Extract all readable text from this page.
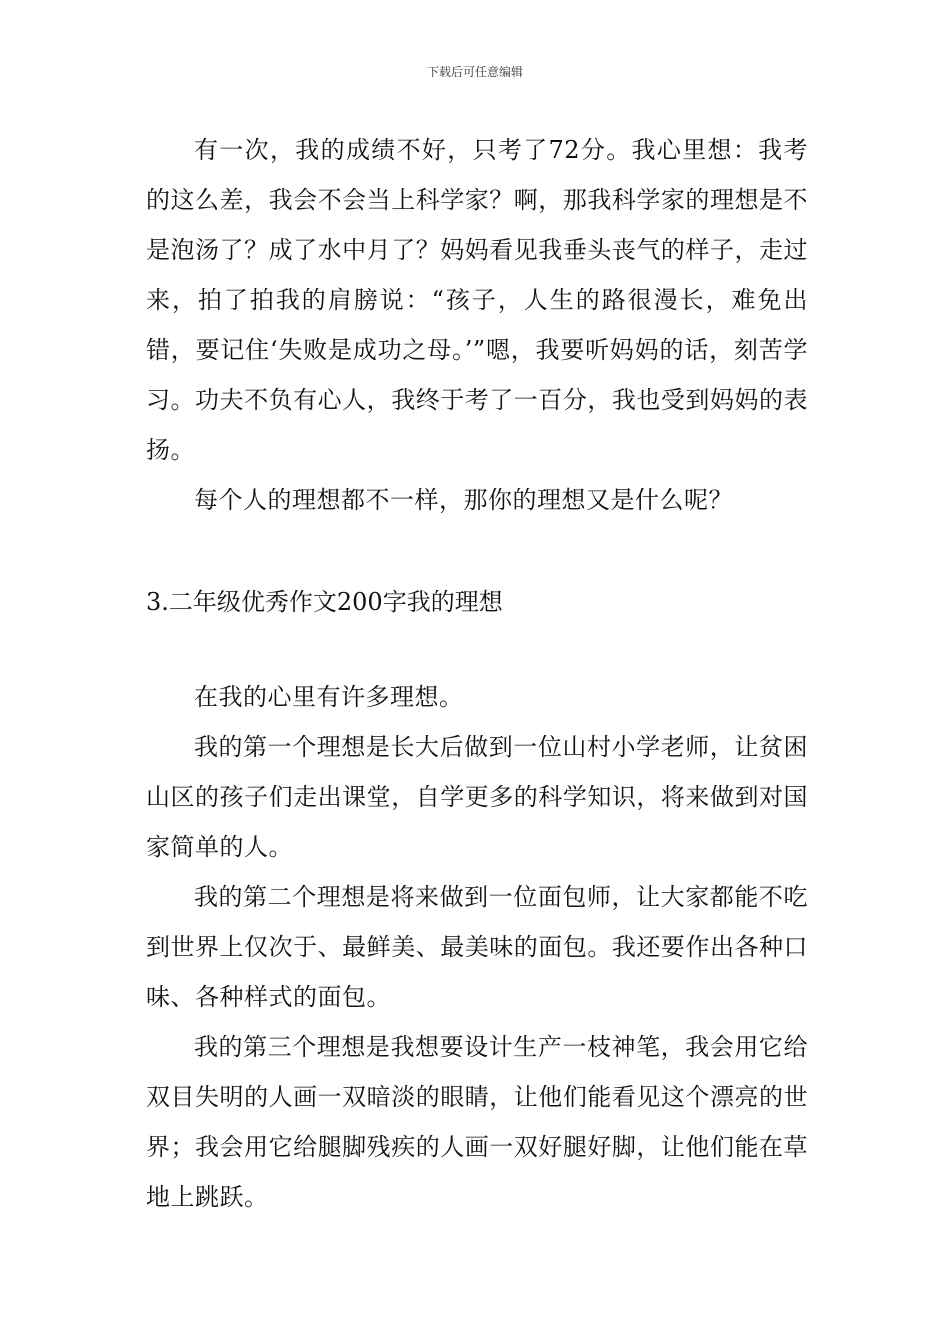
下载后可任意编辑

有一次，我的成绩不好，只考了72分。我心里想：我考的这么差，我会不会当上科学家？啊，那我科学家的理想是不是泡汤了？成了水中月了？妈妈看见我垂头丧气的样子，走过来，拍了拍我的肩膀说：“孩子，人生的路很漫长，难免出错，要记住‘失败是成功之母。’”嗯，我要听妈妈的话，刻苦学习。功夫不负有心人，我终于考了一百分，我也受到妈妈的表扬。

每个人的理想都不一样，那你的理想又是什么呢？

3.二年级优秀作文200字我的理想

在我的心里有许多理想。

我的第一个理想是长大后做到一位山村小学老师，让贫困山区的孩子们走出课堂，自学更多的科学知识，将来做到对国家简单的人。

我的第二个理想是将来做到一位面包师，让大家都能不吃到世界上仅次于、最鲜美、最美味的面包。我还要作出各种口味、各种样式的面包。

我的第三个理想是我想要设计生产一枝神笔，我会用它给双目失明的人画一双暗淡的眼睛，让他们能看见这个漂亮的世界；我会用它给腿脚残疾的人画一双好腿好脚，让他们能在草地上跳跃。
